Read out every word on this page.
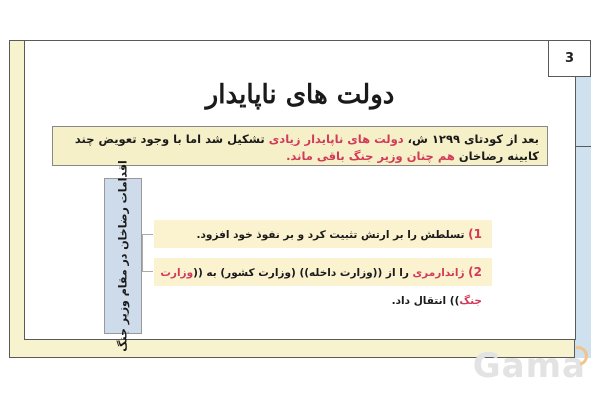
3
دولت های ناپایدار
بعد از کودتای ۱۲۹۹ ش، دولت های ناپایدار زیادی تشکیل شد اما با وجود تعویض چند کابینه رضاخان هم چنان وزیر جنگ باقی ماند.
اقدامات رضاخان در مقام وزیر جنگ	1) تسلطش را بر ارتش تثبیت کرد و بر نفوذ خود افزود.
2) ژاندارمری را از ((وزارت داخله)) (وزارت کشور) به ((وزارت جنگ)) انتقال داد.
Gama
